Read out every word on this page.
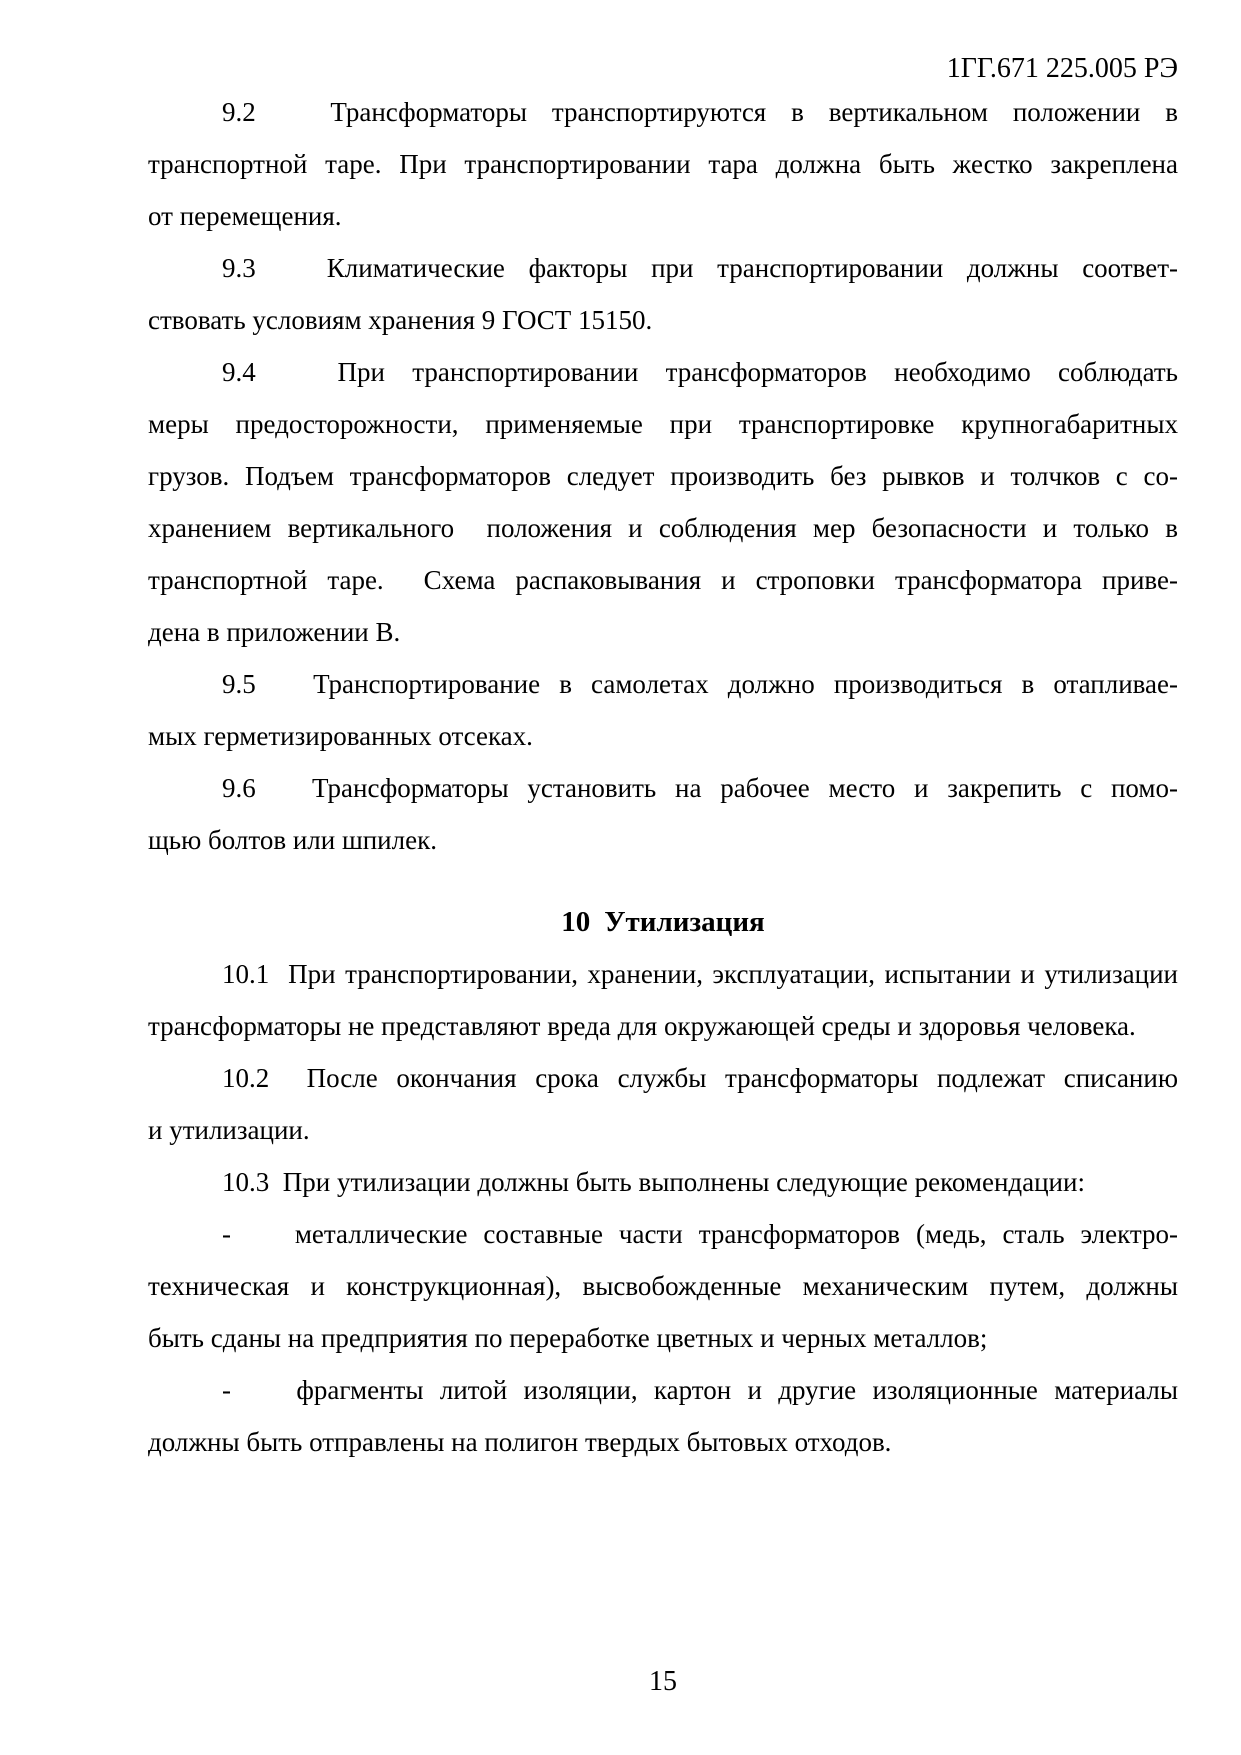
1ГГ.671 225.005 РЭ

9.2   Трансформаторы транспортируются в вертикальном положении в
транспортной таре. При транспортировании тара должна быть жестко закреплена
от перемещения.

9.3   Климатические факторы при транспортировании должны соответ-
ствовать условиям хранения 9 ГОСТ 15150.

9.4   При транспортировании трансформаторов необходимо соблюдать
меры предосторожности, применяемые при транспортировке крупногабаритных
грузов. Подъем трансформаторов следует производить без рывков и толчков с со-
хранением вертикального  положения и соблюдения мер безопасности и только в
транспортной таре.  Схема распаковывания и строповки трансформатора приве-
дена в приложении В.

9.5   Транспортирование в самолетах должно производиться в отапливае-
мых герметизированных отсеках.

9.6   Трансформаторы установить на рабочее место и закрепить с помо-
щью болтов или шпилек.

10 Утилизация

10.1  При транспортировании, хранении, эксплуатации, испытании и утилизации
трансформаторы не представляют вреда для окружающей среды и здоровья человека.

10.2  После окончания срока службы трансформаторы подлежат списанию
и утилизации.

10.3  При утилизации должны быть выполнены следующие рекомендации:

-    металлические составные части трансформаторов (медь, сталь электро-
техническая и конструкционная), высвобожденные механическим путем, должны
быть сданы на предприятия по переработке цветных и черных металлов;

-    фрагменты литой изоляции, картон и другие изоляционные материалы
должны быть отправлены на полигон твердых бытовых отходов.

15
